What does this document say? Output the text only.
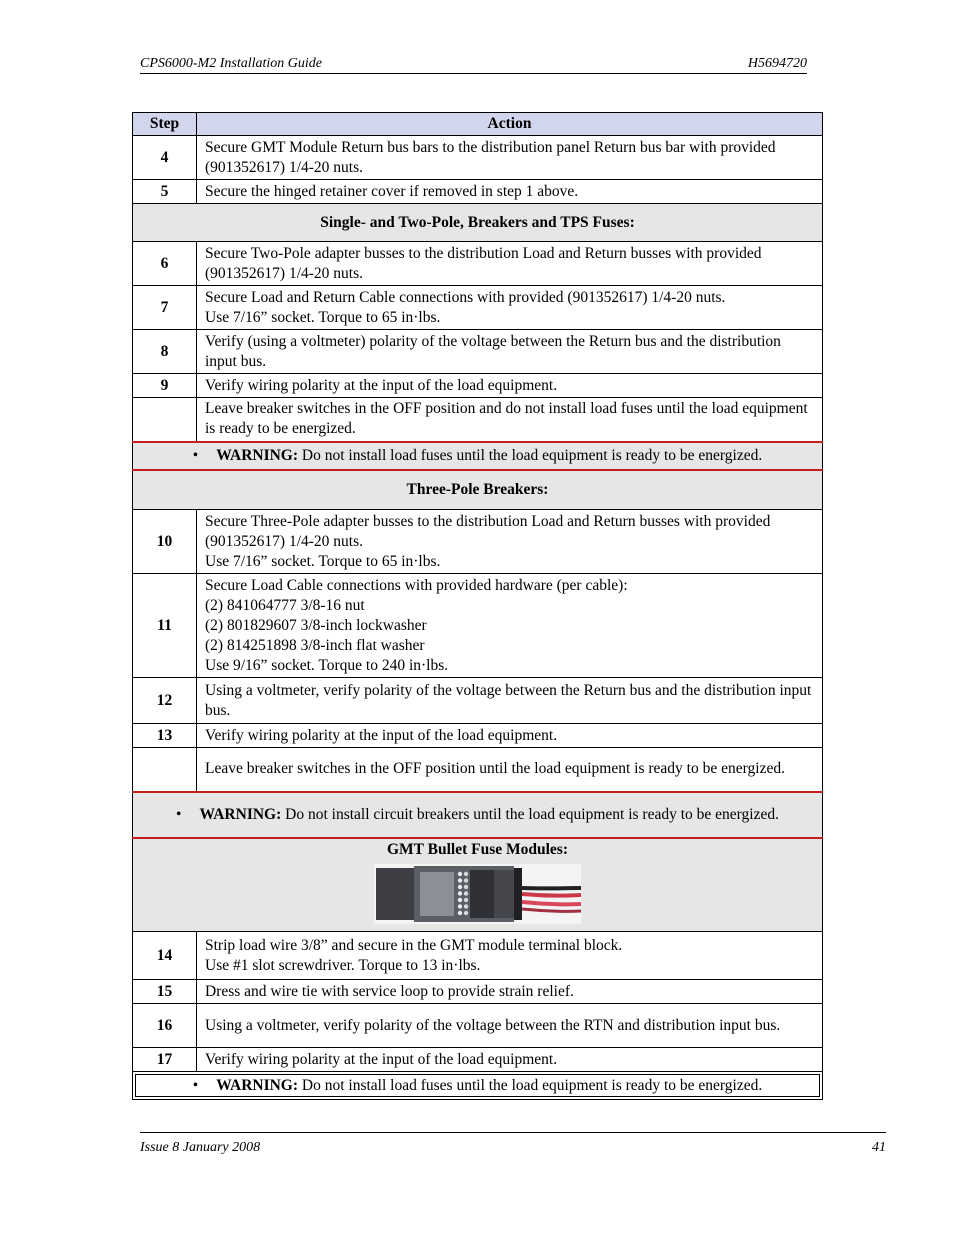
CPS6000-M2 Installation Guide	H5694720
Step	Action
4	Secure GMT Module Return bus bars to the distribution panel Return bus bar with provided (901352617) 1/4-20 nuts.

5	Secure the hinged retainer cover if removed in step 1 above.

Single- and Two-Pole, Breakers and TPS Fuses:	

6	Secure Two-Pole adapter busses to the distribution Load and Return busses with provided (901352617) 1/4-20 nuts.

7	Secure Load and Return Cable connections with provided (901352617) 1/4-20 nuts.

Use 7/16” socket. Torque to 65 in·lbs.

8	Verify (using a voltmeter) polarity of the voltage between the Return bus and the distribution input bus.

9	Verify wiring polarity at the input of the load equipment.

	Leave breaker switches in the OFF position and do not install load fuses until the load equipment is ready to be energized.

• WARNING: Do not install load fuses until the load equipment is ready to be energized.	

Three-Pole Breakers:	

10	Secure Three-Pole adapter busses to the distribution Load and Return busses with provided (901352617) 1/4-20 nuts.

Use 7/16” socket. Torque to 65 in·lbs.

11	Secure Load Cable connections with provided hardware (per cable):

(2) 841064777 3/8-16 nut

(2) 801829607 3/8-inch lockwasher

(2) 814251898 3/8-inch flat washer

Use 9/16” socket. Torque to 240 in·lbs.

12	Using a voltmeter, verify polarity of the voltage between the Return bus and the distribution input bus.

13	Verify wiring polarity at the input of the load equipment.

	Leave breaker switches in the OFF position until the load equipment is ready to be energized.

• WARNING: Do not install circuit breakers until the load equipment is ready to be energized.	

GMT Bullet Fuse Modules:	

14	Strip load wire 3/8” and secure in the GMT module terminal block.

Use #1 slot screwdriver. Torque to 13 in·lbs.

15	Dress and wire tie with service loop to provide strain relief.

16	Using a voltmeter, verify polarity of the voltage between the RTN and distribution input bus.

17	Verify wiring polarity at the input of the load equipment.

• WARNING: Do not install load fuses until the load equipment is ready to be energized.	
Issue 8 January 2008	41
